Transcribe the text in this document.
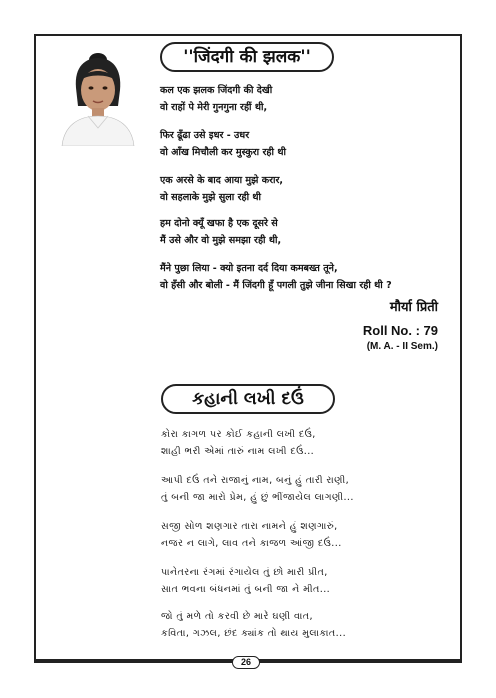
''जिंदगी की झलक''
कल एक झलक जिंदगी की देखी
वो राहों पे मेरी गुनगुना रहीं थी,
फिर ढूँढा उसे इधर - उधर
वो आँख मिचौली कर मुस्कुरा रही थी
एक अरसे के बाद आया मुझे करार,
वो सहलाके मुझे सुला रही थी
हम दोनो क्यूँ खफा है एक दूसरे से
मैं उसे और वो मुझे समझा रही थी,
मैंने पुछा लिया - क्यो इतना दर्द दिया कमबख्त तूने,
वो हँसी और बोली - मैं जिंदगी हूँ पगली तुझे जीना सिखा रही थी ?
मौर्या प्रिती
Roll No. : 79
(M. A. - II Sem.)
કહાની લખી દઉં
કોરા કાગળ પર કોઈ કહાની લખી દઉં,
શાહી ભરી એમાં તારું નામ લખી દઉં...
આપી દઉં તને રાજાનું નામ, બનું હું તારી રાણી,
તું બની જા મારો પ્રેમ, હું છું ભીંજાયેલ લાગણી...
સજી સોળ શણગાર તારા નામને હું શણગારું,
નજર ન લાગે, લાવ તને કાજળ આંજી દઉં...
પાનેતરના રંગમાં રંગાયેલ તું છો મારી પ્રીત,
સાત ભવના બંધનમાં તું બની જા ને મીત...
જો તું મળે તો કરવી છે મારે ઘણી વાત,
કવિતા, ગઝલ, છંદ ક્યાંક તો થાય મુલાકાત...
26
